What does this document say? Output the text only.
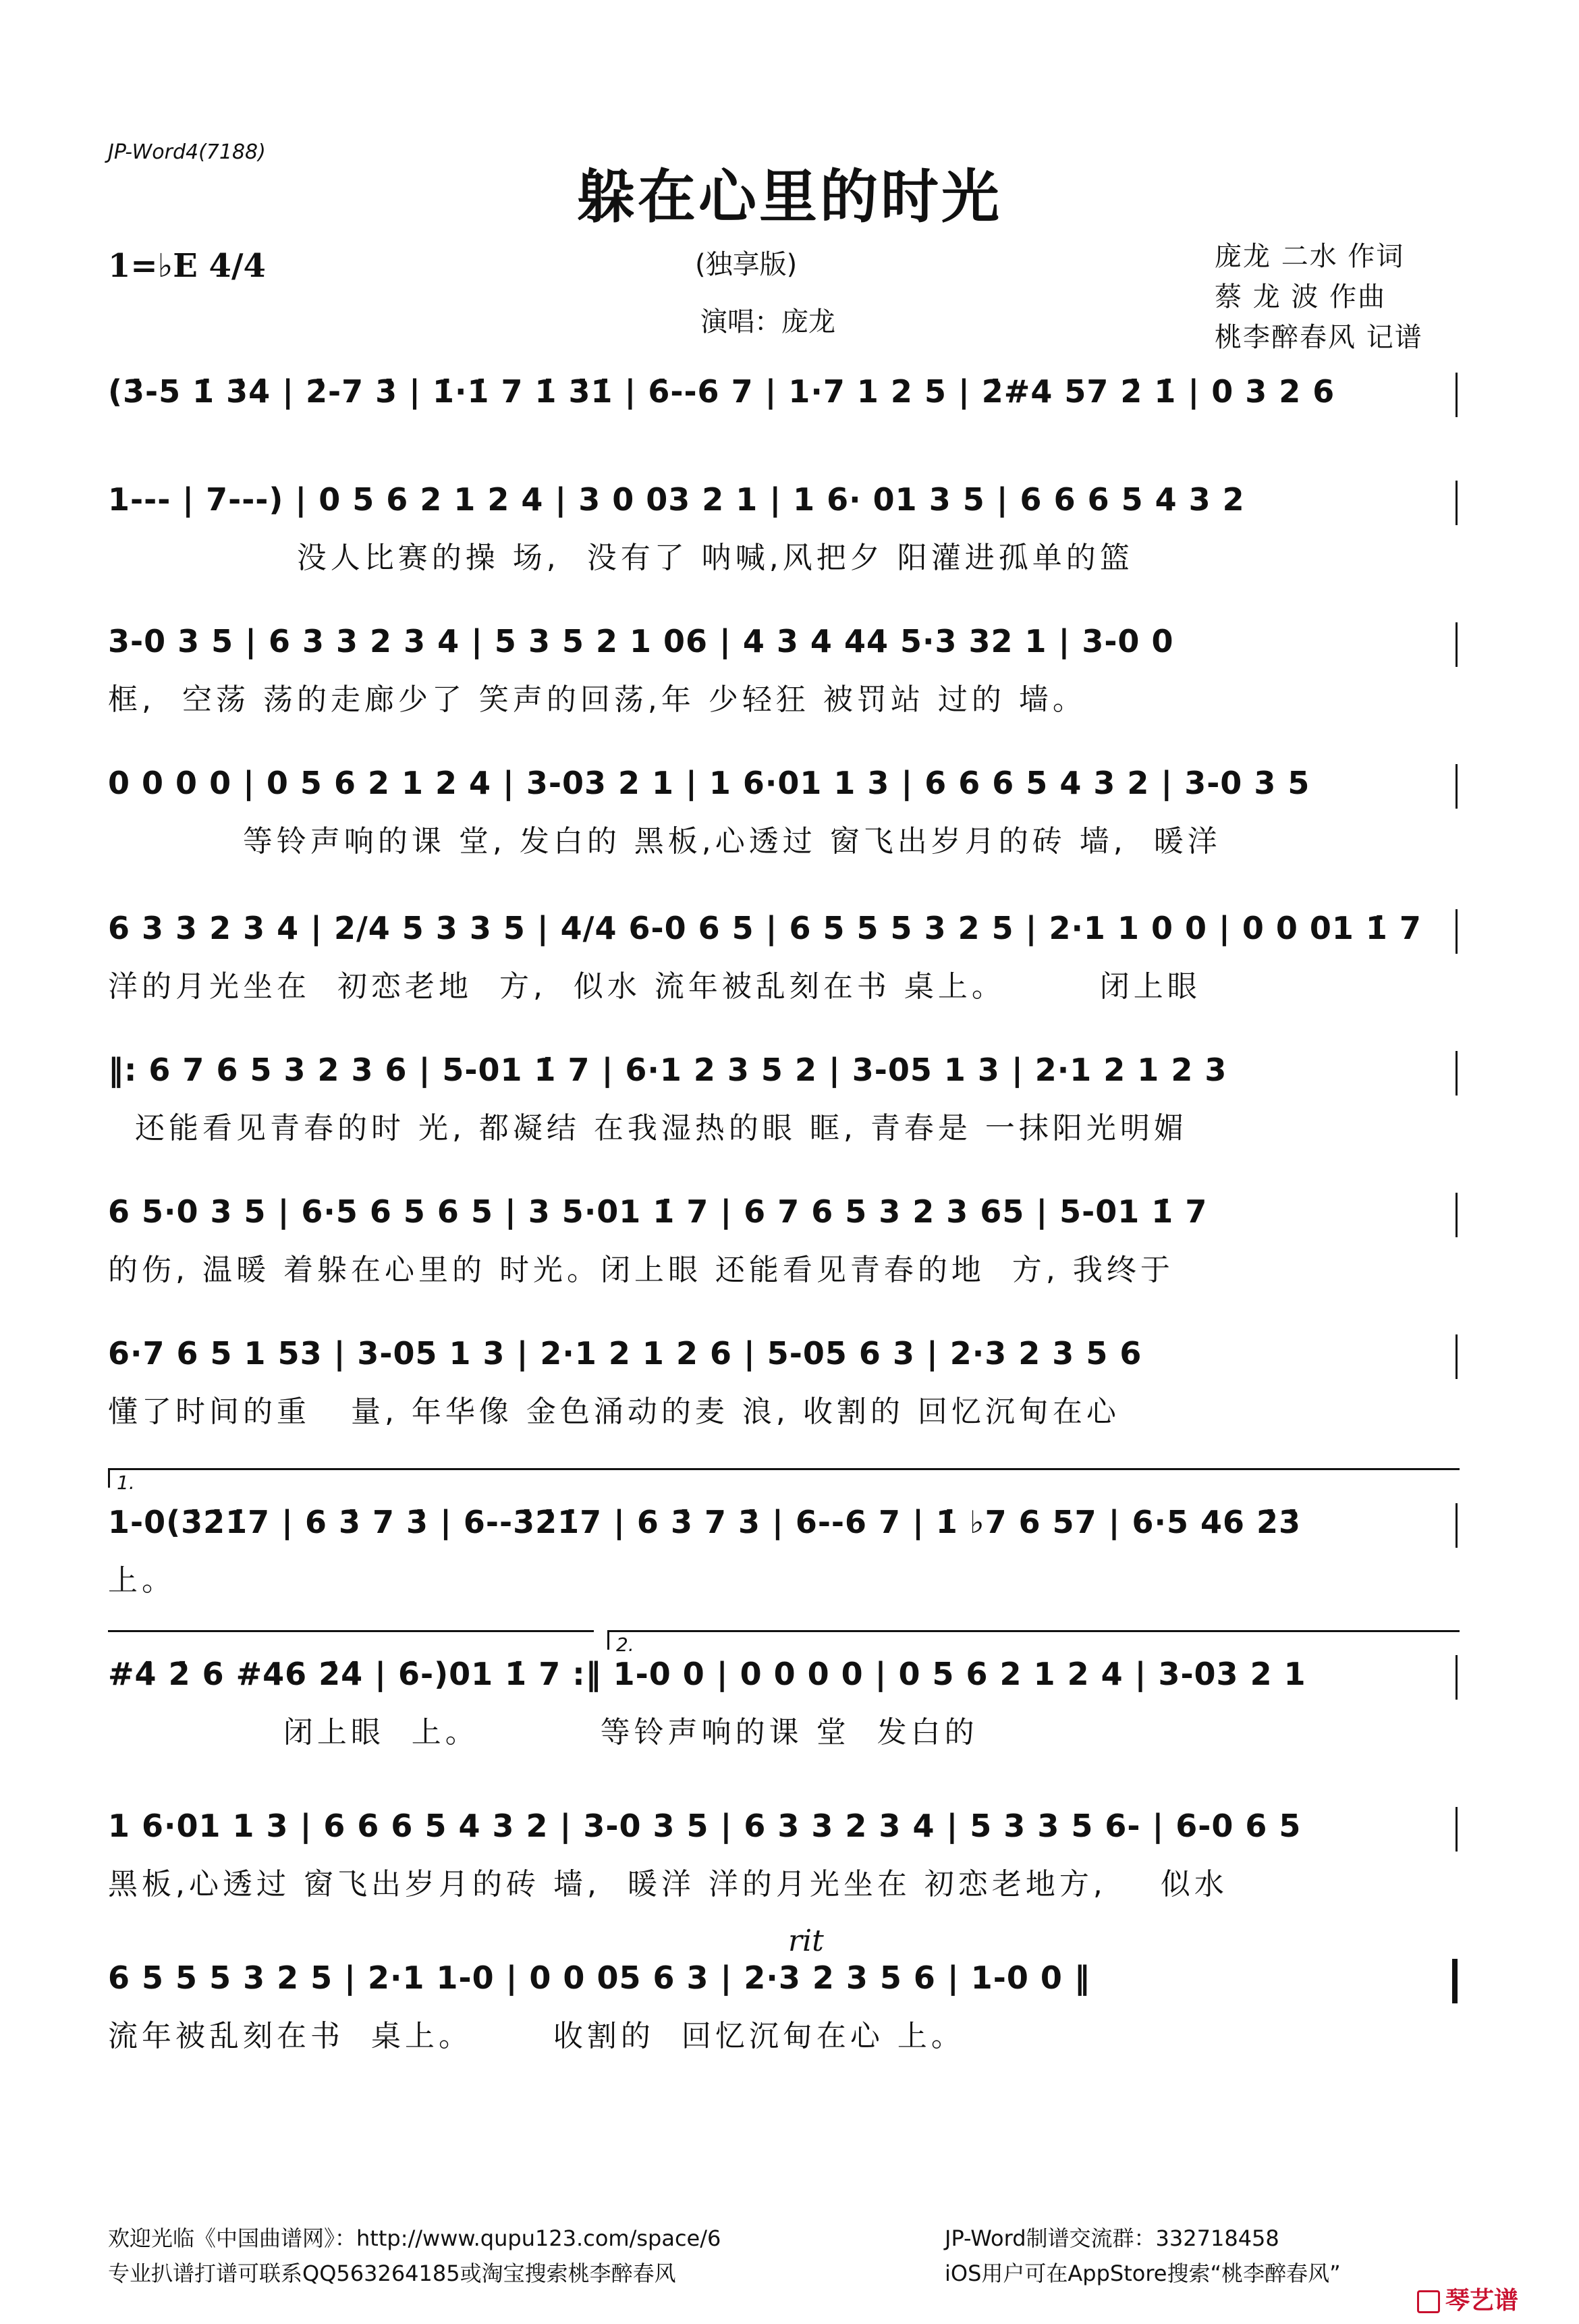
JP-Word4(7188)
躲在心里的时光
1=♭E 4/4	(独享版)
演唱：庞龙
庞龙 二水 作词
蔡 龙 波 作曲
桃李醉春风 记谱
(3̇-5 1̇ 3̇4̇ | 2̇-7 3̇ | 1̇·1̇ 7 1̇ 3̇1̇ | 6̇--6 7 | 1·7 1 2 5 | 2̇#4 57 2̇ 1̇ | 0 3 2 6
1--- | 7---) | 0 5 6 2 1 2 4 | 3 0 03 2 1 | 1 6· 01 3 5 | 6 6 6 5 4 3 2
没人比赛的操 场,  没有了 呐喊,风把夕 阳灌进孤单的篮
3-0 3 5 | 6 3 3 2 3 4 | 5 3 5 2 1 06 | 4 3 4 44 5·3 32 1 | 3-0 0
框,  空荡 荡的走廊少了 笑声的回荡,年 少轻狂 被罚站 过的 墙。
0 0 0 0 | 0 5 6 2 1 2 4 | 3-03 2 1 | 1 6·01 1 3 | 6 6 6 5 4 3 2 | 3-0 3 5
等铃声响的课 堂, 发白的 黑板,心透过 窗飞出岁月的砖 墙,  暖洋
6 3 3 2 3 4 | 2/4 5 3 3 5 | 4/4 6-0 6 5 | 6 5 5 5 3 2 5 | 2·1 1 0 0 | 0 0 01 1̇ 7
洋的月光坐在  初恋老地  方,  似水 流年被乱刻在书 桌上。       闭上眼
‖: 6 7 6 5 3 2 3 6 | 5-01 1̇ 7 | 6·1 2 3 5 2 | 3-05 1 3 | 2·1 2 1 2 3
还能看见青春的时 光, 都凝结 在我湿热的眼 眶, 青春是 一抹阳光明媚
6 5·0 3 5 | 6·5 6 5 6 5 | 3 5·01 1̇ 7 | 6 7 6 5 3 2 3 65 | 5-01 1̇ 7
的伤, 温暖 着躲在心里的 时光。闭上眼 还能看见青春的地  方, 我终于
6·7 6 5 1 53 | 3-05 1 3 | 2·1 2 1 2 6 | 5-05 6 3 | 2·3 2 3 5 6
懂了时间的重   量, 年华像 金色涌动的麦 浪, 收割的 回忆沉甸在心
1.
1-0(3̇2̇1̇7 | 6 3̇ 7 3̇ | 6--3̇2̇1̇7 | 6 3̇ 7 3̇ | 6--6 7 | 1̇ ♭7 6 57 | 6·5 46 2̇3̇
上。
2.
#4̇ 2̇ 6 #46 2̇4̇ | 6̇-)01 1̇ 7 :‖ 1-0 0 | 0 0 0 0 | 0 5 6 2 1 2 4 | 3-03 2 1
闭上眼  上。         等铃声响的课 堂  发白的
1 6·01 1 3 | 6 6 6 5 4 3 2 | 3-0 3 5 | 6 3 3 2 3 4 | 5 3 3 5 6- | 6-0 6 5
黑板,心透过 窗飞出岁月的砖 墙,  暖洋 洋的月光坐在 初恋老地方,    似水
rit
6 5 5 5 3 2 5 | 2·1 1-0 | 0 0 05 6 3 | 2·3 2 3 5 6 | 1-0 0 ‖
流年被乱刻在书  桌上。      收割的  回忆沉甸在心 上。
欢迎光临《中国曲谱网》：http://www.qupu123.com/space/6
专业扒谱打谱可联系QQ563264185或淘宝搜索桃李醉春风
JP-Word制谱交流群：332718458
iOS用户可在AppStore搜索“桃李醉春风”
琴艺谱
